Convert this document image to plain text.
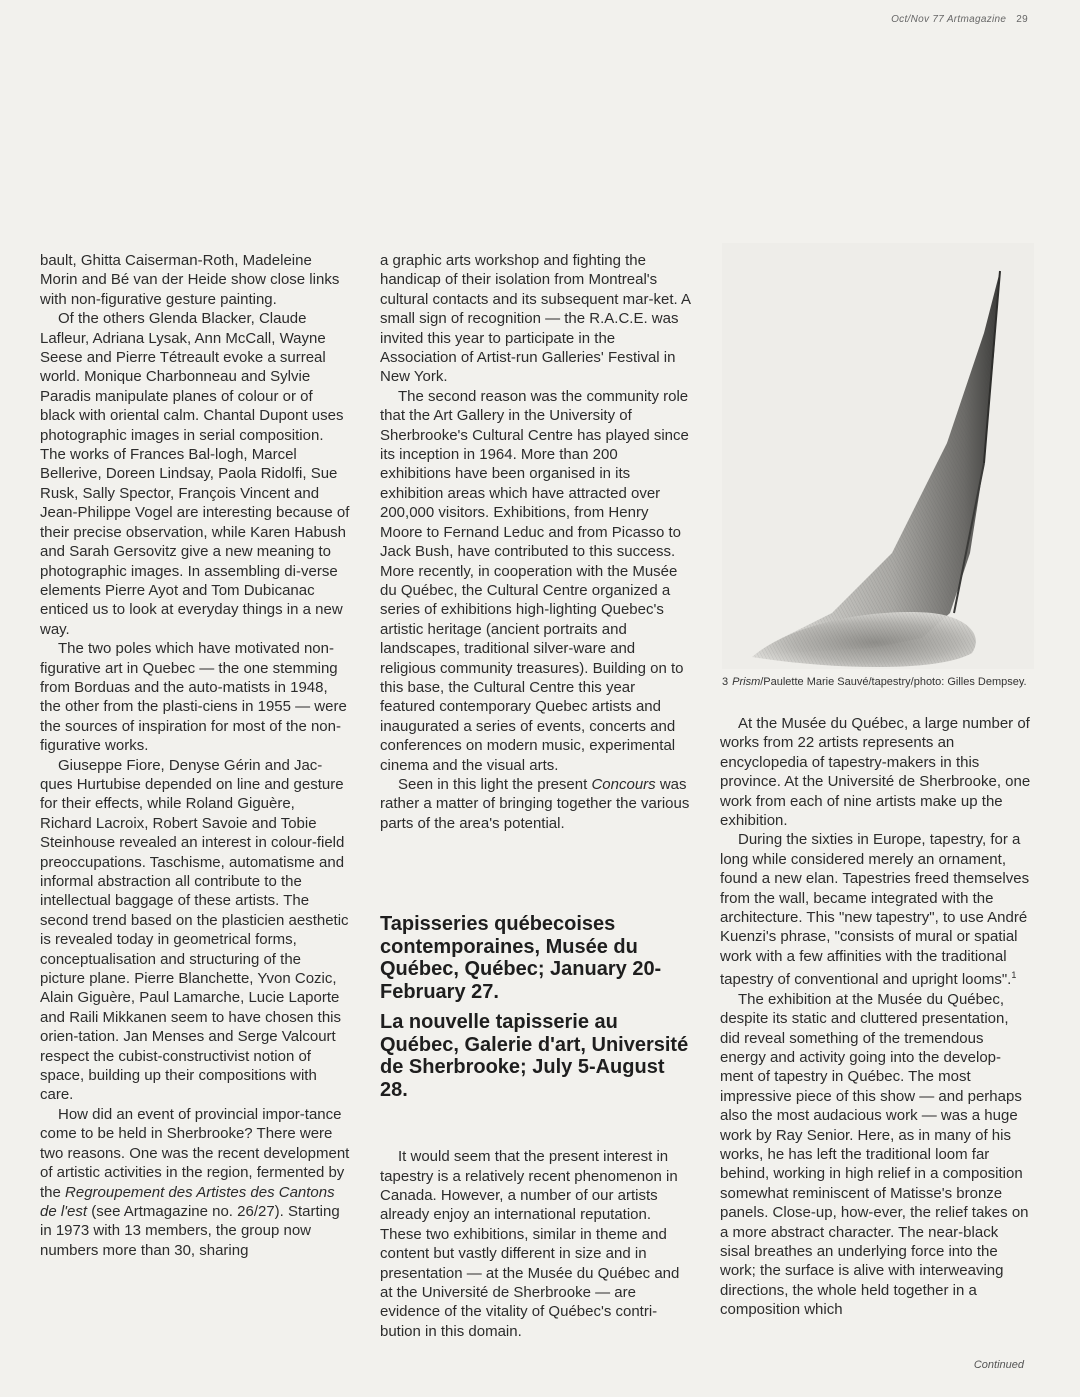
Oct/Nov 77 Artmagazine 29

bault, Ghitta Caiserman-Roth, Madeleine Morin and Bé van der Heide show close links with non-figurative gesture painting.

Of the others Glenda Blacker, Claude Lafleur, Adriana Lysak, Ann McCall, Wayne Seese and Pierre Tétreault evoke a surreal world. Monique Charbonneau and Sylvie Paradis manipulate planes of colour or of black with oriental calm. Chantal Dupont uses photographic images in serial composition. The works of Frances Bal-logh, Marcel Bellerive, Doreen Lindsay, Paola Ridolfi, Sue Rusk, Sally Spector, François Vincent and Jean-Philippe Vogel are interesting because of their precise observation, while Karen Habush and Sarah Gersovitz give a new meaning to photographic images. In assembling di-verse elements Pierre Ayot and Tom Dubicanac enticed us to look at everyday things in a new way.

The two poles which have motivated non-figurative art in Quebec — the one stemming from Borduas and the auto-matists in 1948, the other from the plasti-ciens in 1955 — were the sources of inspiration for most of the non-figurative works.

Giuseppe Fiore, Denyse Gérin and Jac-ques Hurtubise depended on line and gesture for their effects, while Roland Giguère, Richard Lacroix, Robert Savoie and Tobie Steinhouse revealed an interest in colour-field preoccupations. Taschisme, automatisme and informal abstraction all contribute to the intellectual baggage of these artists. The second trend based on the plasticien aesthetic is revealed today in geometrical forms, conceptualisation and structuring of the picture plane. Pierre Blanchette, Yvon Cozic, Alain Giguère, Paul Lamarche, Lucie Laporte and Raili Mikkanen seem to have chosen this orien-tation. Jan Menses and Serge Valcourt respect the cubist-constructivist notion of space, building up their compositions with care.

How did an event of provincial impor-tance come to be held in Sherbrooke? There were two reasons. One was the recent development of artistic activities in the region, fermented by the Regroupement des Artistes des Cantons de l'est (see Artmagazine no. 26/27). Starting in 1973 with 13 members, the group now numbers more than 30, sharing

a graphic arts workshop and fighting the handicap of their isolation from Montreal's cultural contacts and its subsequent mar-ket. A small sign of recognition — the R.A.C.E. was invited this year to participate in the Association of Artist-run Galleries' Festival in New York.

The second reason was the community role that the Art Gallery in the University of Sherbrooke's Cultural Centre has played since its inception in 1964. More than 200 exhibitions have been organised in its exhibition areas which have attracted over 200,000 visitors. Exhibitions, from Henry Moore to Fernand Leduc and from Picasso to Jack Bush, have contributed to this success. More recently, in cooperation with the Musée du Québec, the Cultural Centre organized a series of exhibitions high-lighting Quebec's artistic heritage (ancient portraits and landscapes, traditional silver-ware and religious community treasures). Building on to this base, the Cultural Centre this year featured contemporary Quebec artists and inaugurated a series of events, concerts and conferences on modern music, experimental cinema and the visual arts.

Seen in this light the present Concours was rather a matter of bringing together the various parts of the area's potential.

Tapisseries québecoises contemporaines, Musée du Québec, Québec; January 20-February 27.
La nouvelle tapisserie au Québec, Galerie d'art, Université de Sherbrooke; July 5-August 28.

It would seem that the present interest in tapestry is a relatively recent phenomenon in Canada. However, a number of our artists already enjoy an international reputation. These two exhibitions, similar in theme and content but vastly different in size and in presentation — at the Musée du Québec and at the Université de Sherbrooke — are evidence of the vitality of Québec's contri-bution in this domain.

3 Prism/Paulette Marie Sauvé/tapestry/photo: Gilles Dempsey.

At the Musée du Québec, a large number of works from 22 artists represents an encyclopedia of tapestry-makers in this province. At the Université de Sherbrooke, one work from each of nine artists make up the exhibition.

During the sixties in Europe, tapestry, for a long while considered merely an ornament, found a new elan. Tapestries freed themselves from the wall, became integrated with the architecture. This "new tapestry", to use André Kuenzi's phrase, "consists of mural or spatial work with a few affinities with the traditional tapestry of conventional and upright looms".$^1$

The exhibition at the Musée du Québec, despite its static and cluttered presentation, did reveal something of the tremendous energy and activity going into the develop-ment of tapestry in Québec. The most impressive piece of this show — and perhaps also the most audacious work — was a huge work by Ray Senior. Here, as in many of his works, he has left the traditional loom far behind, working in high relief in a composition somewhat reminiscent of Matisse's bronze panels. Close-up, how-ever, the relief takes on a more abstract character. The near-black sisal breathes an underlying force into the work; the surface is alive with interweaving directions, the whole held together in a composition which

Continued
